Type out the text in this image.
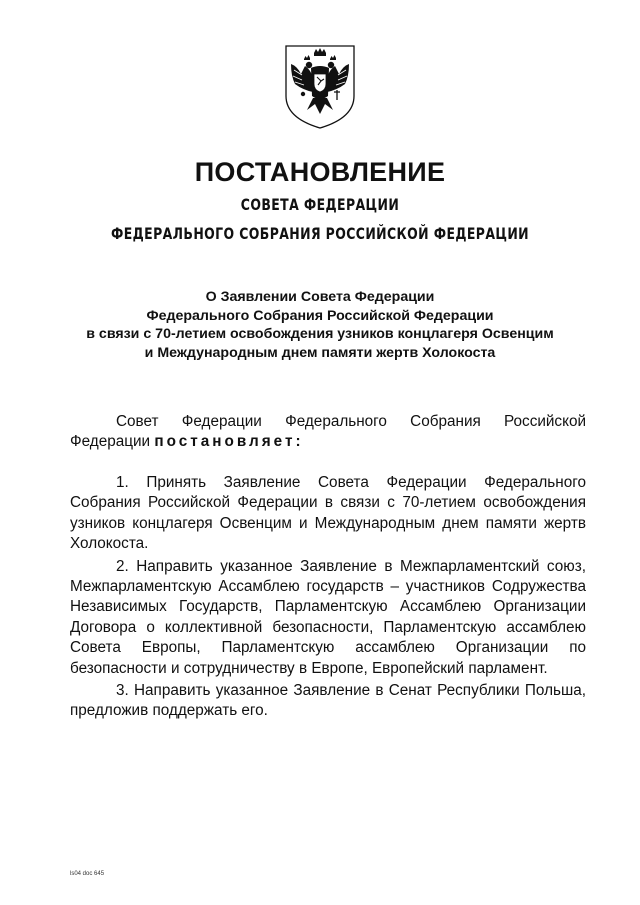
ПОСТАНОВЛЕНИЕ
СОВЕТА ФЕДЕРАЦИИ
ФЕДЕРАЛЬНОГО СОБРАНИЯ РОССИЙСКОЙ ФЕДЕРАЦИИ
О Заявлении Совета Федерации
Федерального Собрания Российской Федерации
в связи с 70-летием освобождения узников концлагеря Освенцим
и Международным днем памяти жертв Холокоста

Совет Федерации Федерального Собрания Российской Федерации постановляет:

1. Принять Заявление Совета Федерации Федерального Собрания Российской Федерации в связи с 70-летием освобождения узников концлагеря Освенцим и Международным днем памяти жертв Холокоста.

2. Направить указанное Заявление в Межпарламентский союз, Межпарламентскую Ассамблею государств – участников Содружества Независимых Государств, Парламентскую Ассамблею Организации Договора о коллективной безопасности, Парламентскую ассамблею Совета Европы, Парламентскую ассамблею Организации по безопасности и сотрудничеству в Европе, Европейский парламент.

3. Направить указанное Заявление в Сенат Республики Польша, предложив поддержать его.

ls04 doc 645
